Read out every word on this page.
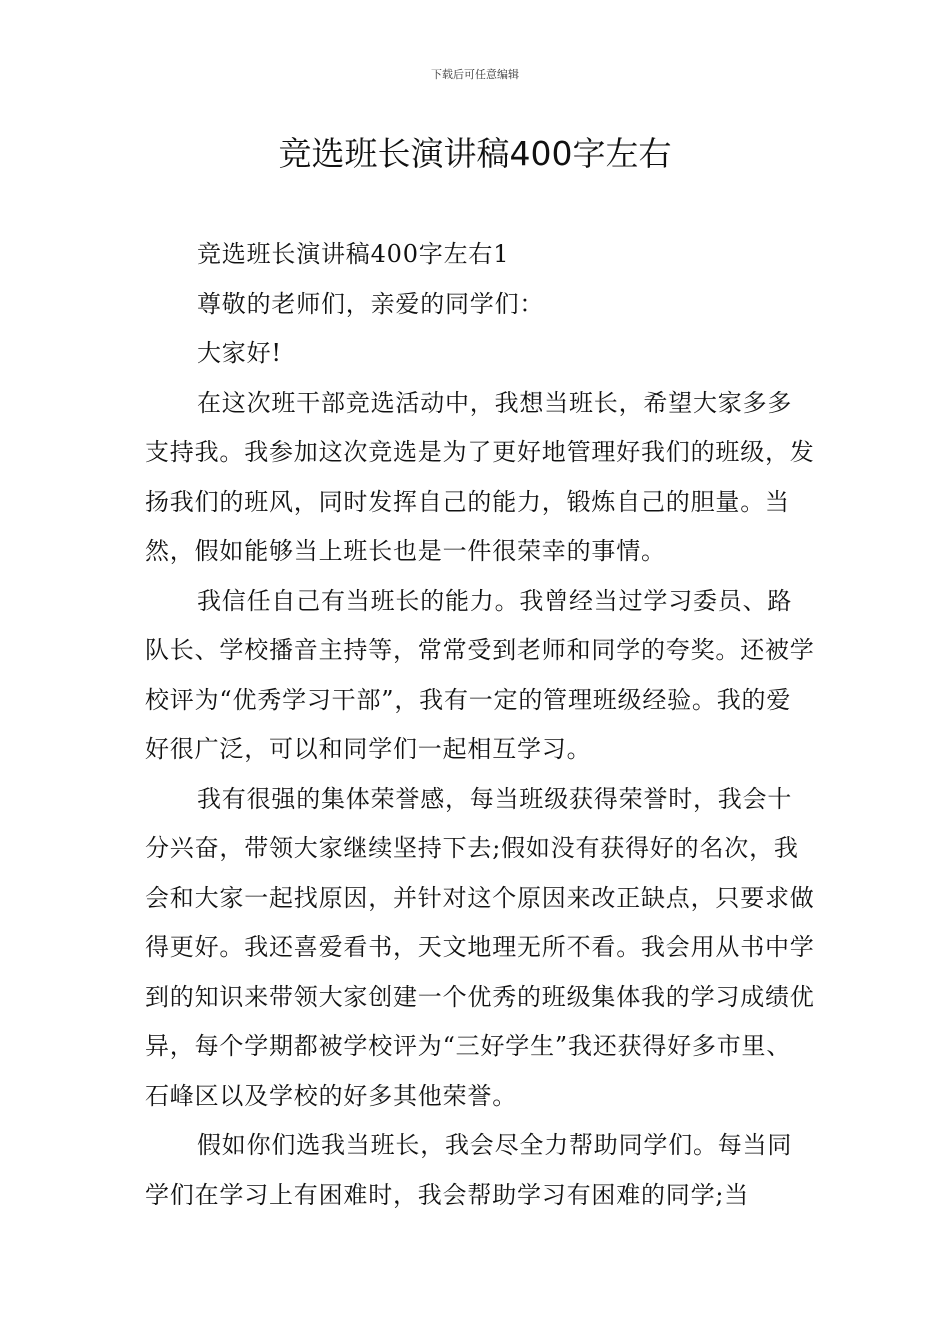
下载后可任意编辑
竞选班长演讲稿400字左右

竞选班长演讲稿400字左右1

尊敬的老师们，亲爱的同学们：

大家好!

在这次班干部竞选活动中，我想当班长，希望大家多多支持我。我参加这次竞选是为了更好地管理好我们的班级，发扬我们的班风，同时发挥自己的能力，锻炼自己的胆量。当然，假如能够当上班长也是一件很荣幸的事情。

我信任自己有当班长的能力。我曾经当过学习委员、路队长、学校播音主持等，常常受到老师和同学的夸奖。还被学校评为“优秀学习干部”，我有一定的管理班级经验。我的爱好很广泛，可以和同学们一起相互学习。

我有很强的集体荣誉感，每当班级获得荣誉时，我会十分兴奋，带领大家继续坚持下去;假如没有获得好的名次，我会和大家一起找原因，并针对这个原因来改正缺点，只要求做得更好。我还喜爱看书，天文地理无所不看。我会用从书中学到的知识来带领大家创建一个优秀的班级集体我的学习成绩优异，每个学期都被学校评为“三好学生”我还获得好多市里、石峰区以及学校的好多其他荣誉。

假如你们选我当班长，我会尽全力帮助同学们。每当同学们在学习上有困难时，我会帮助学习有困难的同学;当
